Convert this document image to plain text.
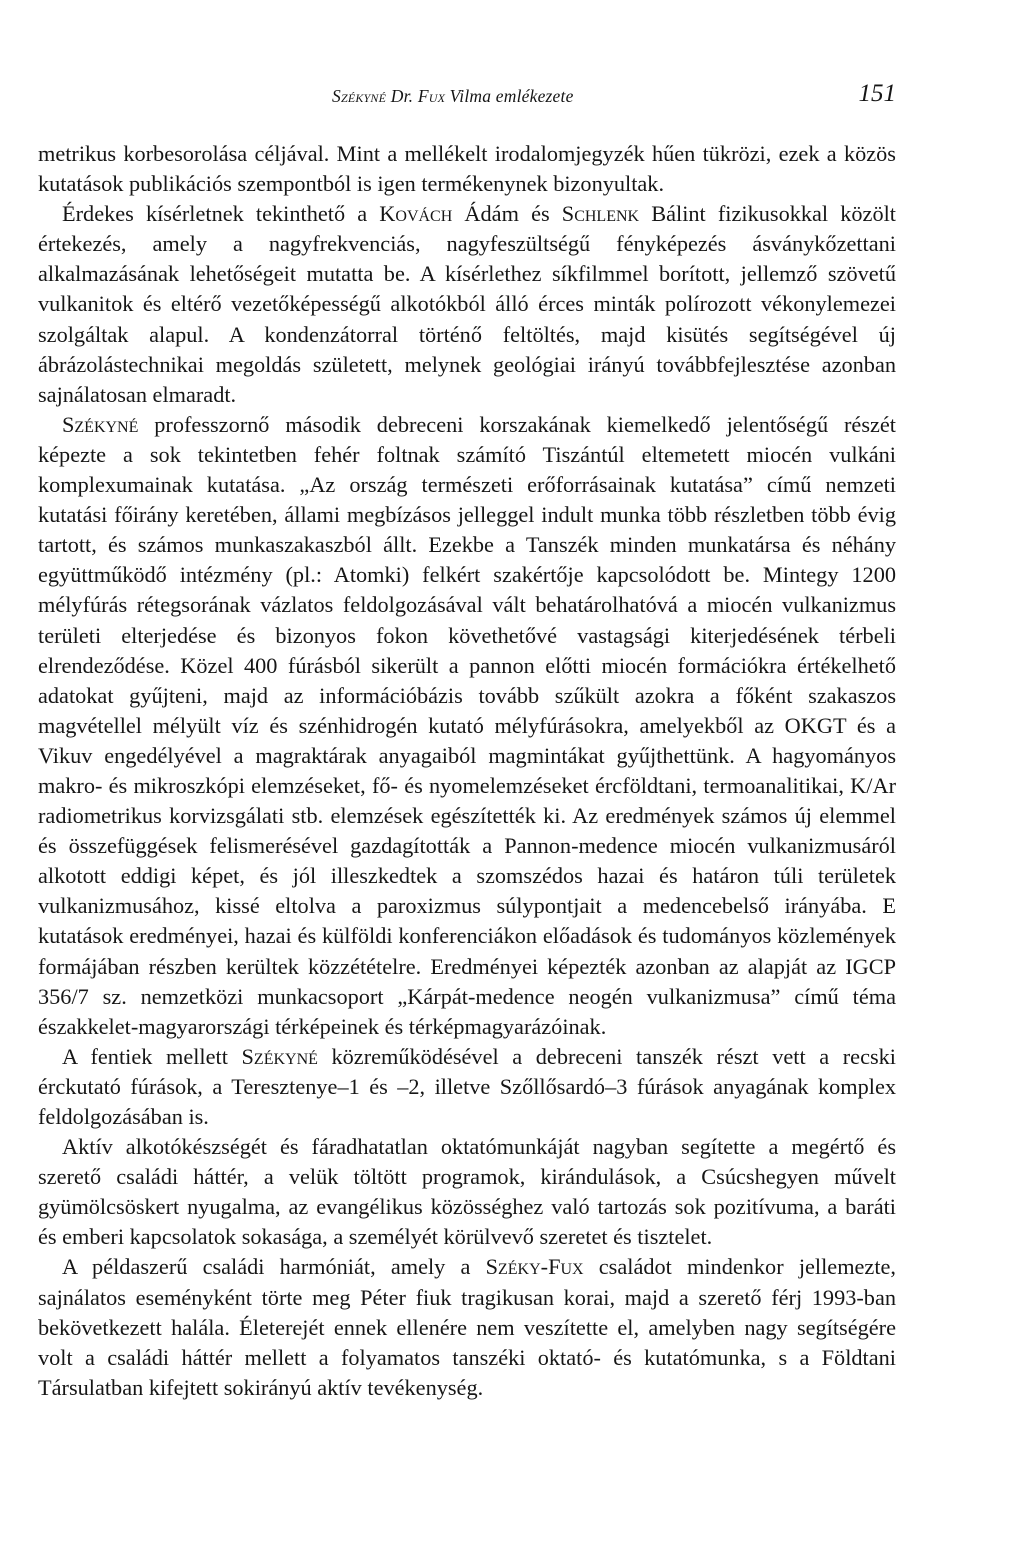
Székyné Dr. Fux Vilma emlékezete	151

metrikus korbesorolása céljával. Mint a mellékelt irodalomjegyzék hűen tükrözi, ezek a közös kutatások publikációs szempontból is igen termékenynek bizonyultak.

Érdekes kísérletnek tekinthető a Kovách Ádám és Schlenk Bálint fizikusokkal közölt értekezés, amely a nagyfrekvenciás, nagyfeszültségű fényképezés ásványkőzettani alkalmazásának lehetőségeit mutatta be. A kísérlethez síkfilmmel borított, jellemző szövetű vulkanitok és eltérő vezetőképességű alkotókból álló érces minták polírozott vékonylemezei szolgáltak alapul. A kondenzátorral történő feltöltés, majd kisütés segítségével új ábrázolástechnikai megoldás született, melynek geológiai irányú továbbfejlesztése azonban sajnálatosan elmaradt.

Székyné professzornő második debreceni korszakának kiemelkedő jelentőségű részét képezte a sok tekintetben fehér foltnak számító Tiszántúl eltemetett miocén vulkáni komplexumainak kutatása. „Az ország természeti erőforrásainak kutatása” című nemzeti kutatási főirány keretében, állami megbízásos jelleggel indult munka több részletben több évig tartott, és számos munkaszakaszból állt. Ezekbe a Tanszék minden munkatársa és néhány együttműködő intézmény (pl.: Atomki) felkért szakértője kapcsolódott be. Mintegy 1200 mélyfúrás rétegsorának vázlatos feldolgozásával vált behatárolhatóvá a miocén vulkanizmus területi elterjedése és bizonyos fokon követhetővé vastagsági kiterjedésének térbeli elrendeződése. Közel 400 fúrásból sikerült a pannon előtti miocén formációkra értékelhető adatokat gyűjteni, majd az információbázis tovább szűkült azokra a főként szakaszos magvétellel mélyült víz és szénhidrogén kutató mélyfúrásokra, amelyekből az OKGT és a Vikuv engedélyével a magraktárak anyagaiból magmintákat gyűjthettünk. A hagyományos makro- és mikroszkópi elemzéseket, fő- és nyomelemzéseket ércföldtani, termoanalitikai, K/Ar radiometrikus korvizsgálati stb. elemzések egészítették ki. Az eredmények számos új elemmel és összefüggések felismerésével gazdagították a Pannon-medence miocén vulkanizmusáról alkotott eddigi képet, és jól illeszkedtek a szomszédos hazai és határon túli területek vulkanizmusához, kissé eltolva a paroxizmus súlypontjait a medencebelső irányába. E kutatások eredményei, hazai és külföldi konferenciákon előadások és tudományos közlemények formájában részben kerültek közzétételre. Eredményei képezték azonban az alapját az IGCP 356/7 sz. nemzetközi munkacsoport „Kárpát-medence neogén vulkanizmusa” című téma északkelet-magyarországi térképeinek és térképmagyarázóinak.

A fentiek mellett Székyné közreműködésével a debreceni tanszék részt vett a recski érckutató fúrások, a Teresztenye–1 és –2, illetve Szőllősardó–3 fúrások anyagának komplex feldolgozásában is.

Aktív alkotókészségét és fáradhatatlan oktatómunkáját nagyban segítette a megértő és szerető családi háttér, a velük töltött programok, kirándulások, a Csúcshegyen művelt gyümölcsöskert nyugalma, az evangélikus közösséghez való tartozás sok pozitívuma, a baráti és emberi kapcsolatok sokasága, a személyét körülvevő szeretet és tisztelet.

A példaszerű családi harmóniát, amely a Széky-Fux családot mindenkor jellemezte, sajnálatos eseményként törte meg Péter fiuk tragikusan korai, majd a szerető férj 1993-ban bekövetkezett halála. Életerejét ennek ellenére nem veszítette el, amelyben nagy segítségére volt a családi háttér mellett a folyamatos tanszéki oktató- és kutatómunka, s a Földtani Társulatban kifejtett sokirányú aktív tevékenység.
